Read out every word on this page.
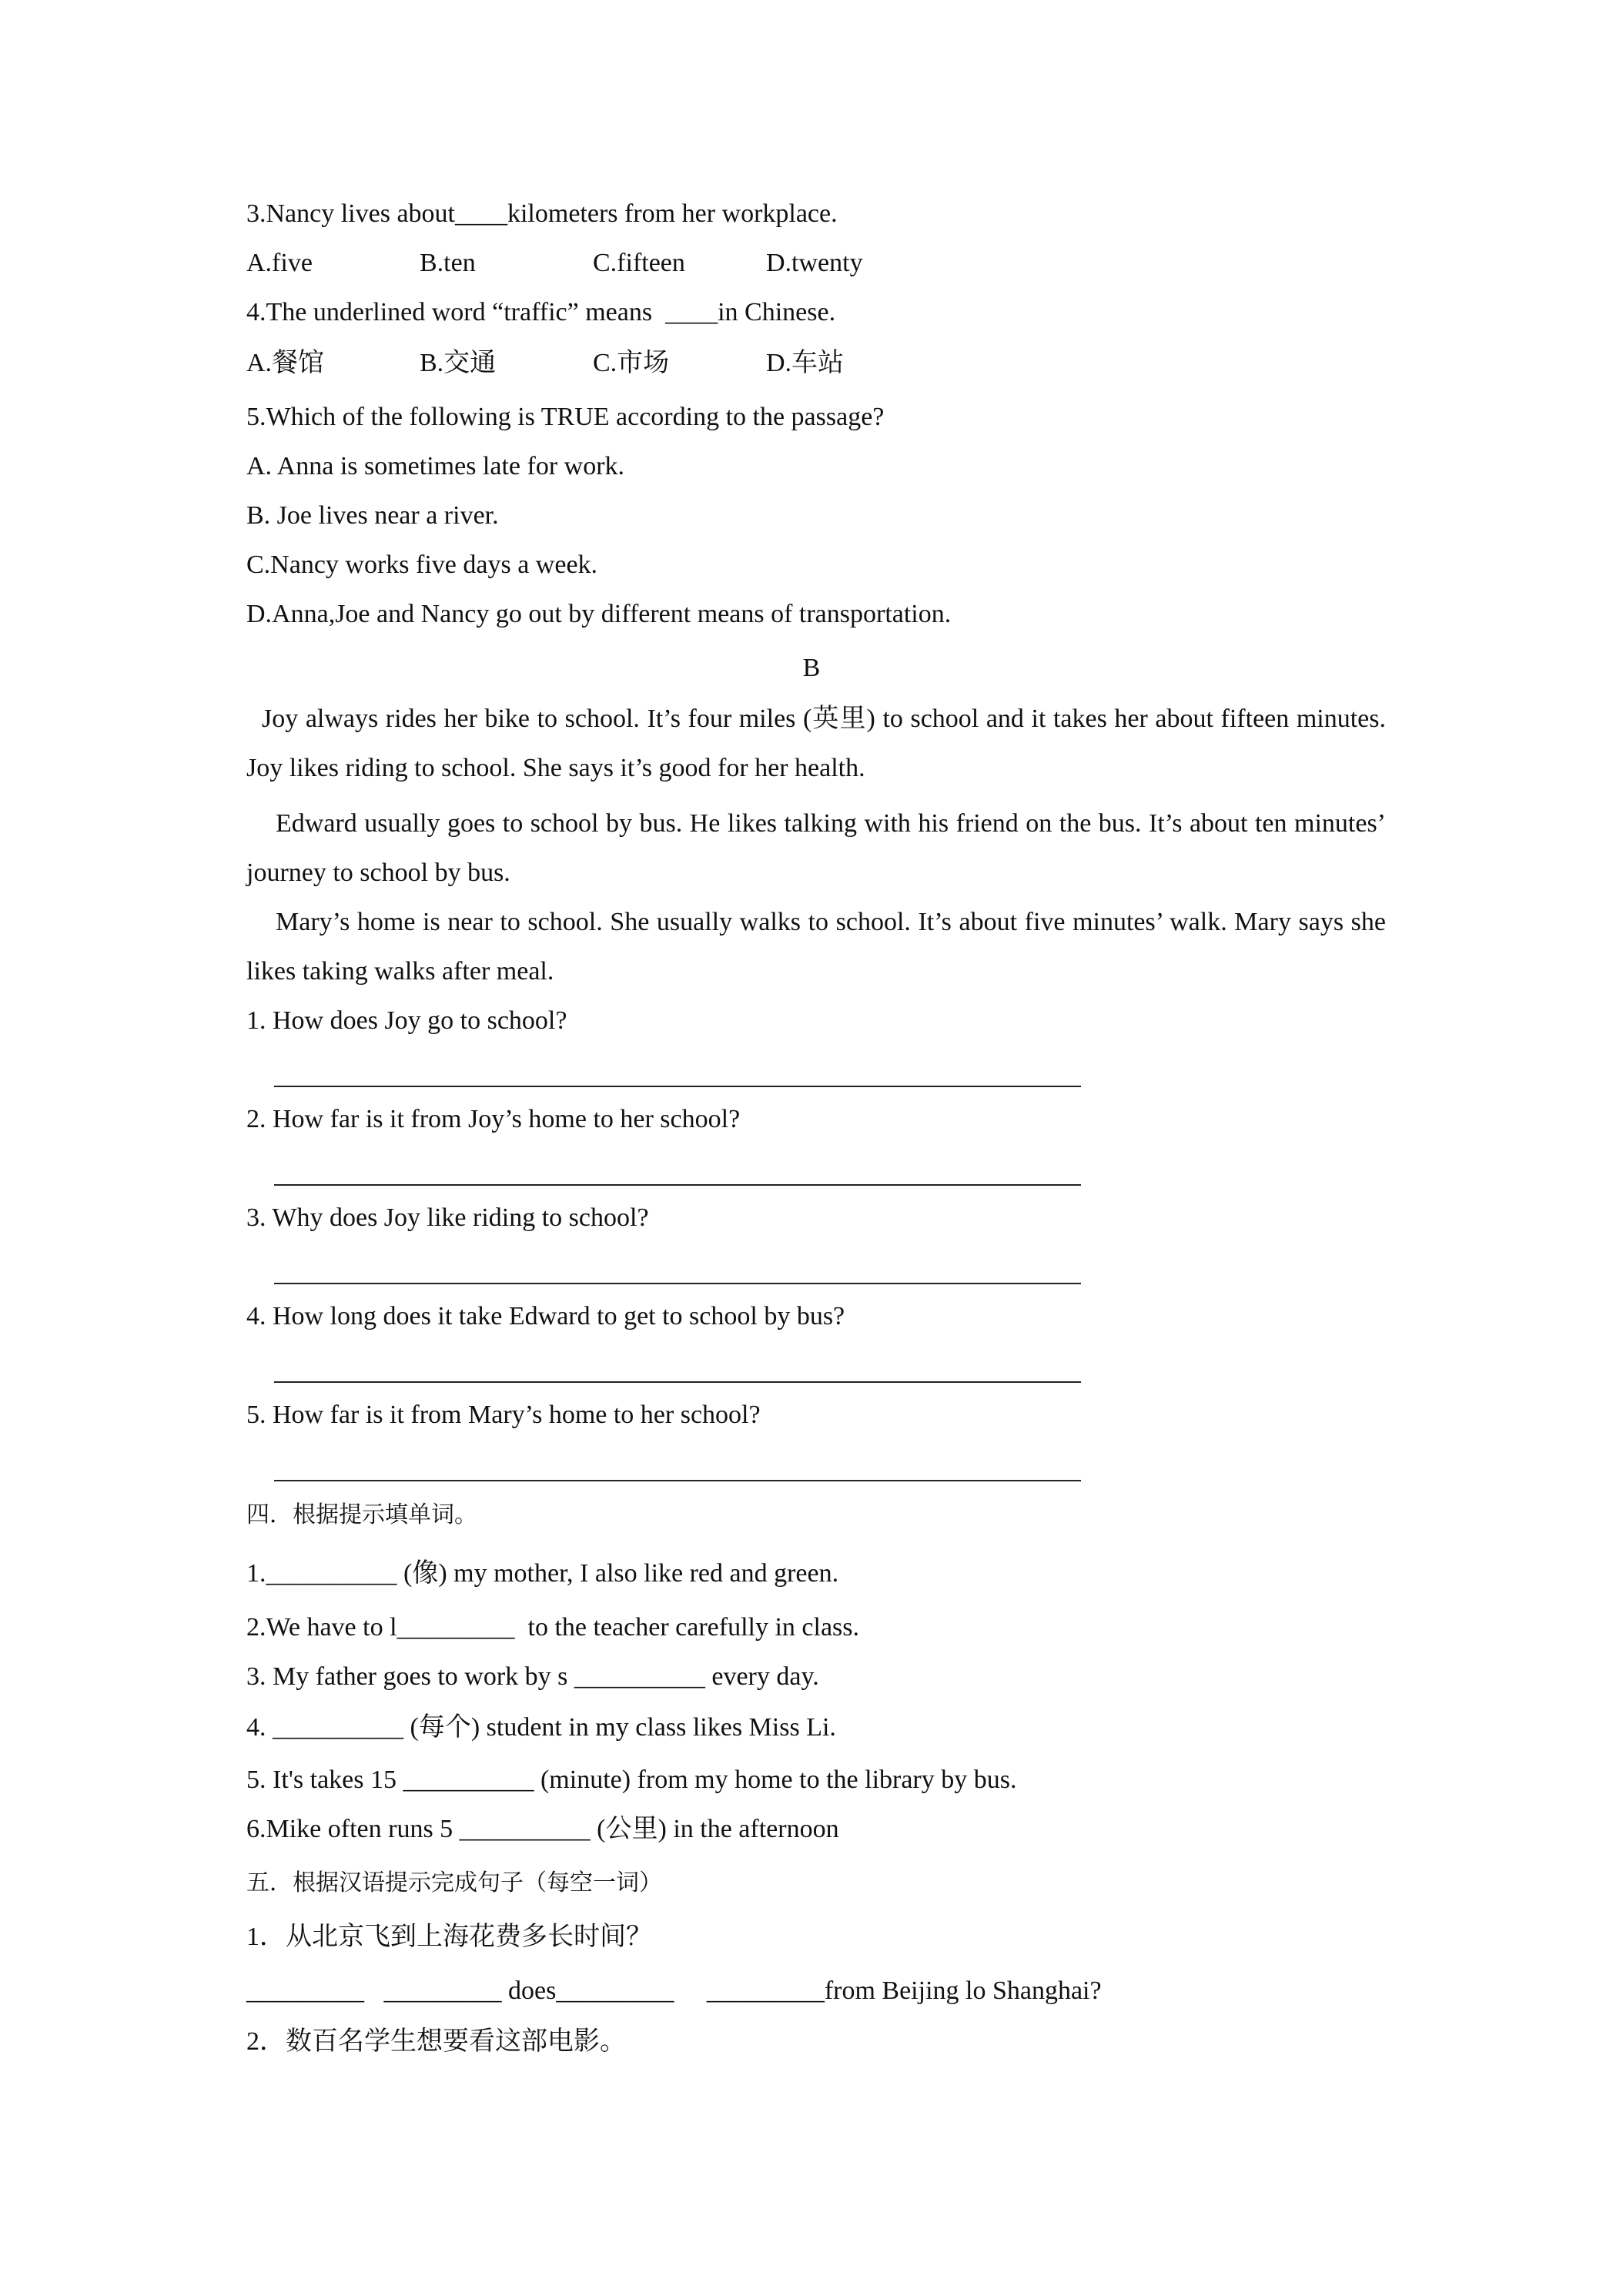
3.Nancy lives about____kilometers from her workplace.
A.five	B.ten	C.fifteen	D.twenty
4.The underlined word “traffic” means  ____in Chinese.
A.餐馆	B.交通	C.市场	D.车站
5.Which of the following is TRUE according to the passage?
A. Anna is sometimes late for work.
B. Joe lives near a river.
C.Nancy works five days a week.
D.Anna,Joe and Nancy go out by different means of transportation.
B
Joy always rides her bike to school. It’s four miles (英里) to school and it takes her about fifteen minutes. Joy likes riding to school. She says it’s good for her health.
Edward usually goes to school by bus. He likes talking with his friend on the bus. It’s about ten minutes’ journey to school by bus.
Mary’s home is near to school. She usually walks to school. It’s about five minutes’ walk. Mary says she likes taking walks after meal.
1. How does Joy go to school?
2. How far is it from Joy’s home to her school?
3. Why does Joy like riding to school?
4. How long does it take Edward to get to school by bus?
5. How far is it from Mary’s home to her school?
四．根据提示填单词。
1.__________ (像) my mother, I also like red and green.
2.We have to l_________  to the teacher carefully in class.
3. My father goes to work by s __________ every day.
4. __________ (每个) student in my class likes Miss Li.
5. It's takes 15 __________ (minute) from my home to the library by bus.
6.Mike often runs 5 __________ (公里) in the afternoon
五．根据汉语提示完成句子（每空一词）
1．从北京飞到上海花费多长时间？
_________   _________ does_________     _________from Beijing lo Shanghai?
2．数百名学生想要看这部电影。
